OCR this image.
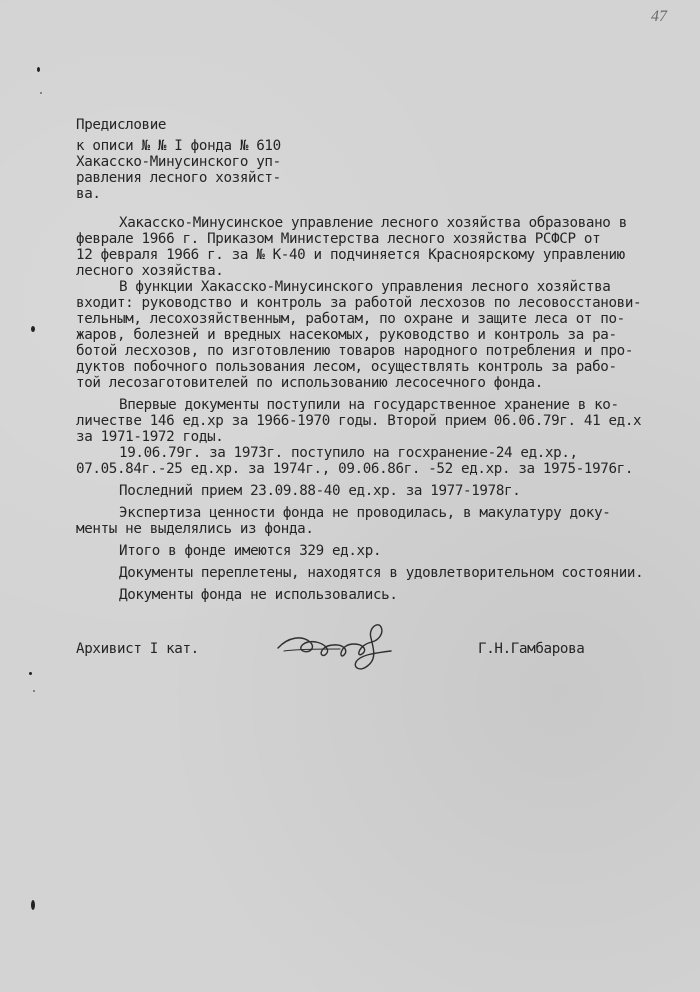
47
Предисловие
к описи № № I фонда № 610
Хакасско-Минусинского уп-
равления лесного хозяйст-
ва.
Хакасско-Минусинское управление лесного хозяйства образовано в
феврале 1966 г. Приказом Министерства лесного хозяйства РСФСР от
12 февраля 1966 г. за № К-40 и подчиняется Красноярскому управлению
лесного хозяйства.
В функции Хакасско-Минусинского управления лесного хозяйства
входит: руководство и контроль за работой лесхозов по лесовосстанови-
тельным, лесохозяйственным, работам, по охране и защите леса от по-
жаров, болезней и вредных насекомых, руководство и контроль за ра-
ботой лесхозов, по изготовлению товаров народного потребления и про-
дуктов побочного пользования лесом, осуществлять контроль за рабо-
той лесозаготовителей по использованию лесосечного фонда.
Впервые документы поступили на государственное хранение в ко-
личестве 146 ед.хр за 1966-1970 годы. Второй прием 06.06.79г. 41 ед.х
за 1971-1972 годы.
19.06.79г. за 1973г. поступило на госхранение-24 ед.хр.,
07.05.84г.-25 ед.хр. за 1974г., 09.06.86г. -52 ед.хр. за 1975-1976г.
Последний прием 23.09.88-40 ед.хр. за 1977-1978г.
Экспертиза ценности фонда не проводилась, в макулатуру доку-
менты не выделялись из фонда.
Итого в фонде имеются 329 ед.хр.
Документы переплетены, находятся в удовлетворительном состоянии.
Документы фонда не использовались.
Архивист I кат.	Г.Н.Гамбарова
